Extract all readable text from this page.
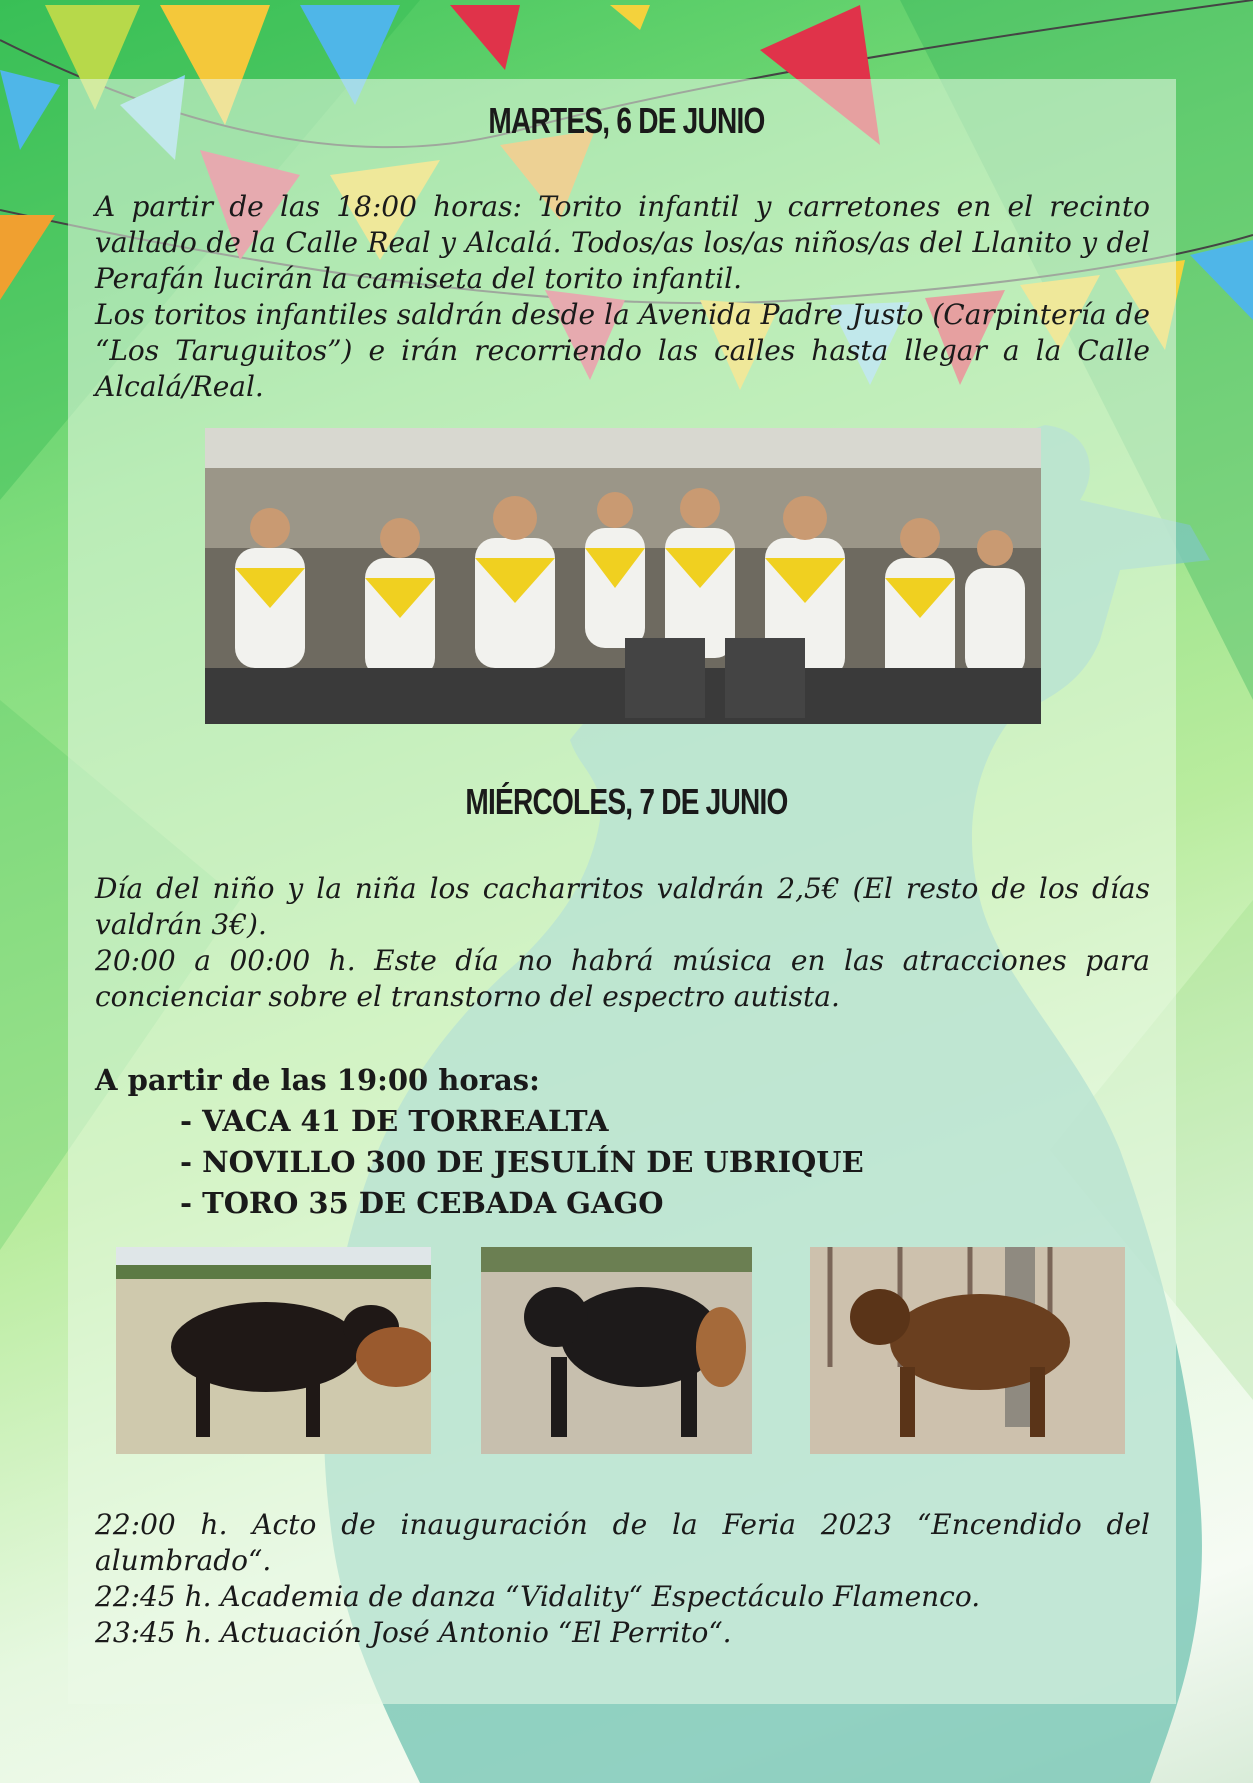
MARTES, 6 DE JUNIO

A partir de las 18:00 horas: Torito infantil y carretones en el recinto vallado de la Calle Real y Alcalá. Todos/as los/as niños/as del Llanito y del Perafán lucirán la camiseta del torito infantil.

Los toritos infantiles saldrán desde la Avenida Padre Justo (Carpintería de “Los Taruguitos”) e irán recorriendo las calles hasta llegar a la Calle Alcalá/Real.

MIÉRCOLES, 7 DE JUNIO

Día del niño y la niña los cacharritos valdrán 2,5€ (El resto de los días valdrán 3€).

20:00 a 00:00 h. Este día no habrá música en las atracciones para concienciar sobre el transtorno del espectro autista.

A partir de las 19:00 horas:
- VACA 41 DE TORREALTA
- NOVILLO 300 DE JESULÍN DE UBRIQUE
- TORO 35 DE CEBADA GAGO

22:00 h. Acto de inauguración de la Feria 2023 “Encendido del alumbrado“.

22:45 h. Academia de danza “Vidality“ Espectáculo Flamenco.

23:45 h. Actuación José Antonio “El Perrito“.
